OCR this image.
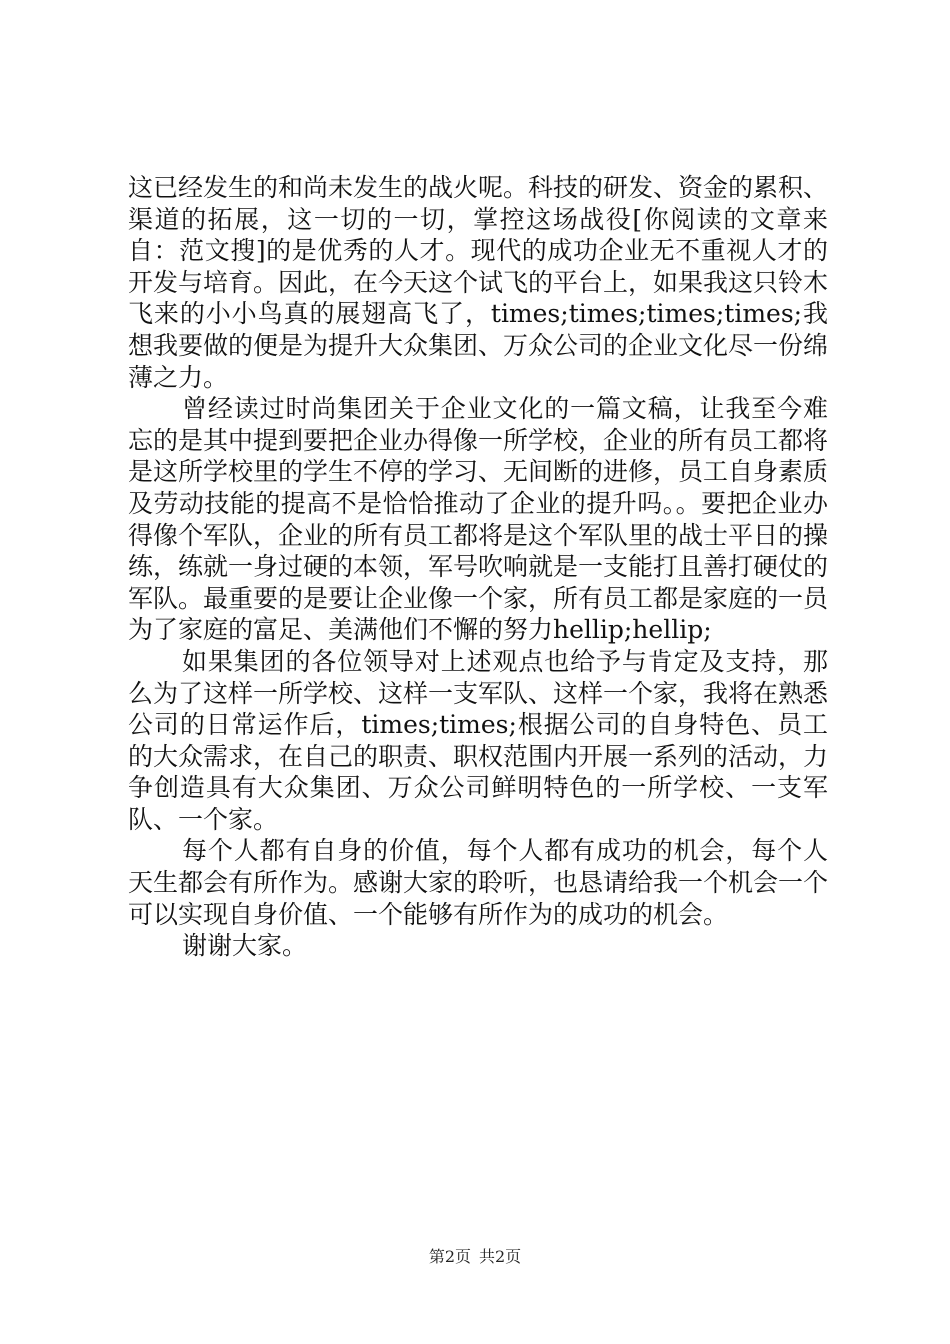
这已经发生的和尚未发生的战火呢。科技的研发、资金的累积、渠道的拓展，这一切的一切，掌控这场战役[你阅读的文章来自：范文搜]的是优秀的人才。现代的成功企业无不重视人才的开发与培育。因此，在今天这个试飞的平台上，如果我这只铃木飞来的小小鸟真的展翅高飞了，times;times;times;times;我想我要做的便是为提升大众集团、万众公司的企业文化尽一份绵薄之力。

曾经读过时尚集团关于企业文化的一篇文稿，让我至今难忘的是其中提到要把企业办得像一所学校，企业的所有员工都将是这所学校里的学生不停的学习、无间断的进修，员工自身素质及劳动技能的提高不是恰恰推动了企业的提升吗。。要把企业办得像个军队，企业的所有员工都将是这个军队里的战士平日的操练，练就一身过硬的本领，军号吹响就是一支能打且善打硬仗的军队。最重要的是要让企业像一个家，所有员工都是家庭的一员为了家庭的富足、美满他们不懈的努力hellip;hellip;

如果集团的各位领导对上述观点也给予与肯定及支持，那么为了这样一所学校、这样一支军队、这样一个家，我将在熟悉公司的日常运作后，times;times;根据公司的自身特色、员工的大众需求，在自己的职责、职权范围内开展一系列的活动，力争创造具有大众集团、万众公司鲜明特色的一所学校、一支军队、一个家。

每个人都有自身的价值，每个人都有成功的机会，每个人天生都会有所作为。感谢大家的聆听，也恳请给我一个机会一个可以实现自身价值、一个能够有所作为的成功的机会。

谢谢大家。

第2页 共2页
